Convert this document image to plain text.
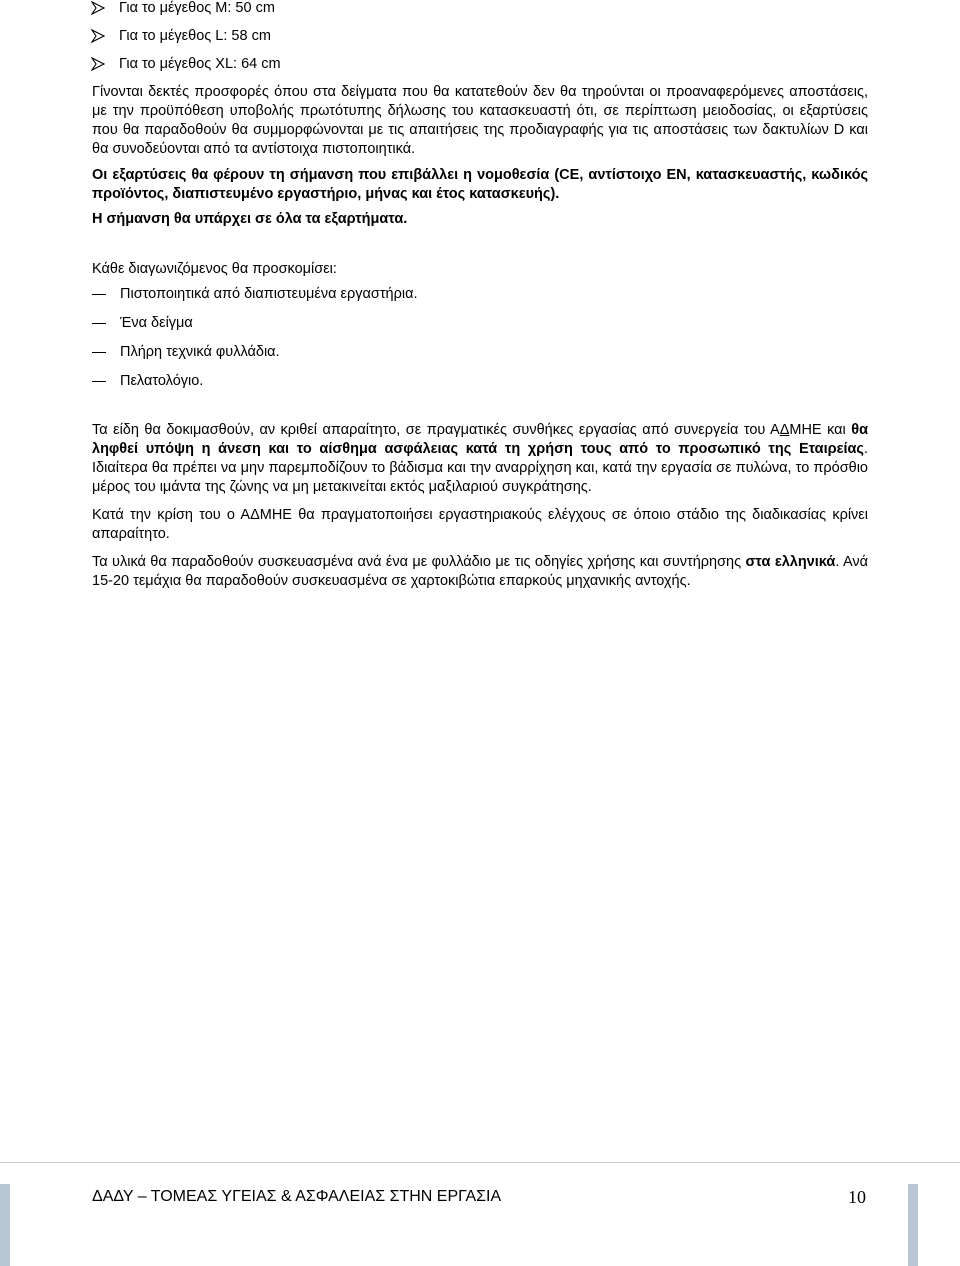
Για το μέγεθος M: 50 cm
Για το μέγεθος L: 58 cm
Για το μέγεθος XL: 64 cm

Γίνονται δεκτές προσφορές όπου στα δείγματα που θα κατατεθούν δεν θα τηρούνται οι προαναφερόμενες αποστάσεις, με την προϋπόθεση υποβολής πρωτότυπης δήλωσης του κατασκευαστή ότι, σε περίπτωση μειοδοσίας, οι εξαρτύσεις που θα παραδοθούν θα συμμορφώνονται με τις απαιτήσεις της προδιαγραφής για τις αποστάσεις των δακτυλίων D και θα συνοδεύονται από τα αντίστοιχα πιστοποιητικά.

Οι εξαρτύσεις θα φέρουν τη σήμανση που επιβάλλει η νομοθεσία (CE, αντίστοιχο EN, κατασκευαστής, κωδικός προϊόντος, διαπιστευμένο εργαστήριο, μήνας και έτος κατασκευής).

Η σήμανση θα υπάρχει σε όλα τα εξαρτήματα.

Κάθε διαγωνιζόμενος θα προσκομίσει:

Πιστοποιητικά από διαπιστευμένα εργαστήρια.
Ένα δείγμα
Πλήρη τεχνικά φυλλάδια.
Πελατολόγιο.

Τα είδη θα δοκιμασθούν, αν κριθεί απαραίτητο, σε πραγματικές συνθήκες εργασίας από συνεργεία του ΑΔΜΗΕ και θα ληφθεί υπόψη η άνεση και το αίσθημα ασφάλειας κατά τη χρήση τους από το προσωπικό της Εταιρείας. Ιδιαίτερα θα πρέπει να μην παρεμποδίζουν το βάδισμα και την αναρρίχηση και, κατά την εργασία σε πυλώνα, το πρόσθιο μέρος του ιμάντα της ζώνης να μη μετακινείται εκτός μαξιλαριού συγκράτησης.

Κατά την κρίση του ο ΑΔΜΗΕ θα πραγματοποιήσει εργαστηριακούς ελέγχους σε όποιο στάδιο της διαδικασίας κρίνει απαραίτητο.

Τα υλικά θα παραδοθούν συσκευασμένα ανά ένα με φυλλάδιο με τις οδηγίες χρήσης και συντήρησης στα ελληνικά. Ανά 15-20 τεμάχια θα παραδοθούν συσκευασμένα σε χαρτοκιβώτια επαρκούς μηχανικής αντοχής.

ΔΑΔΥ – ΤΟΜΕΑΣ ΥΓΕΙΑΣ & ΑΣΦΑΛΕΙΑΣ ΣΤΗΝ ΕΡΓΑΣΙΑ	10
